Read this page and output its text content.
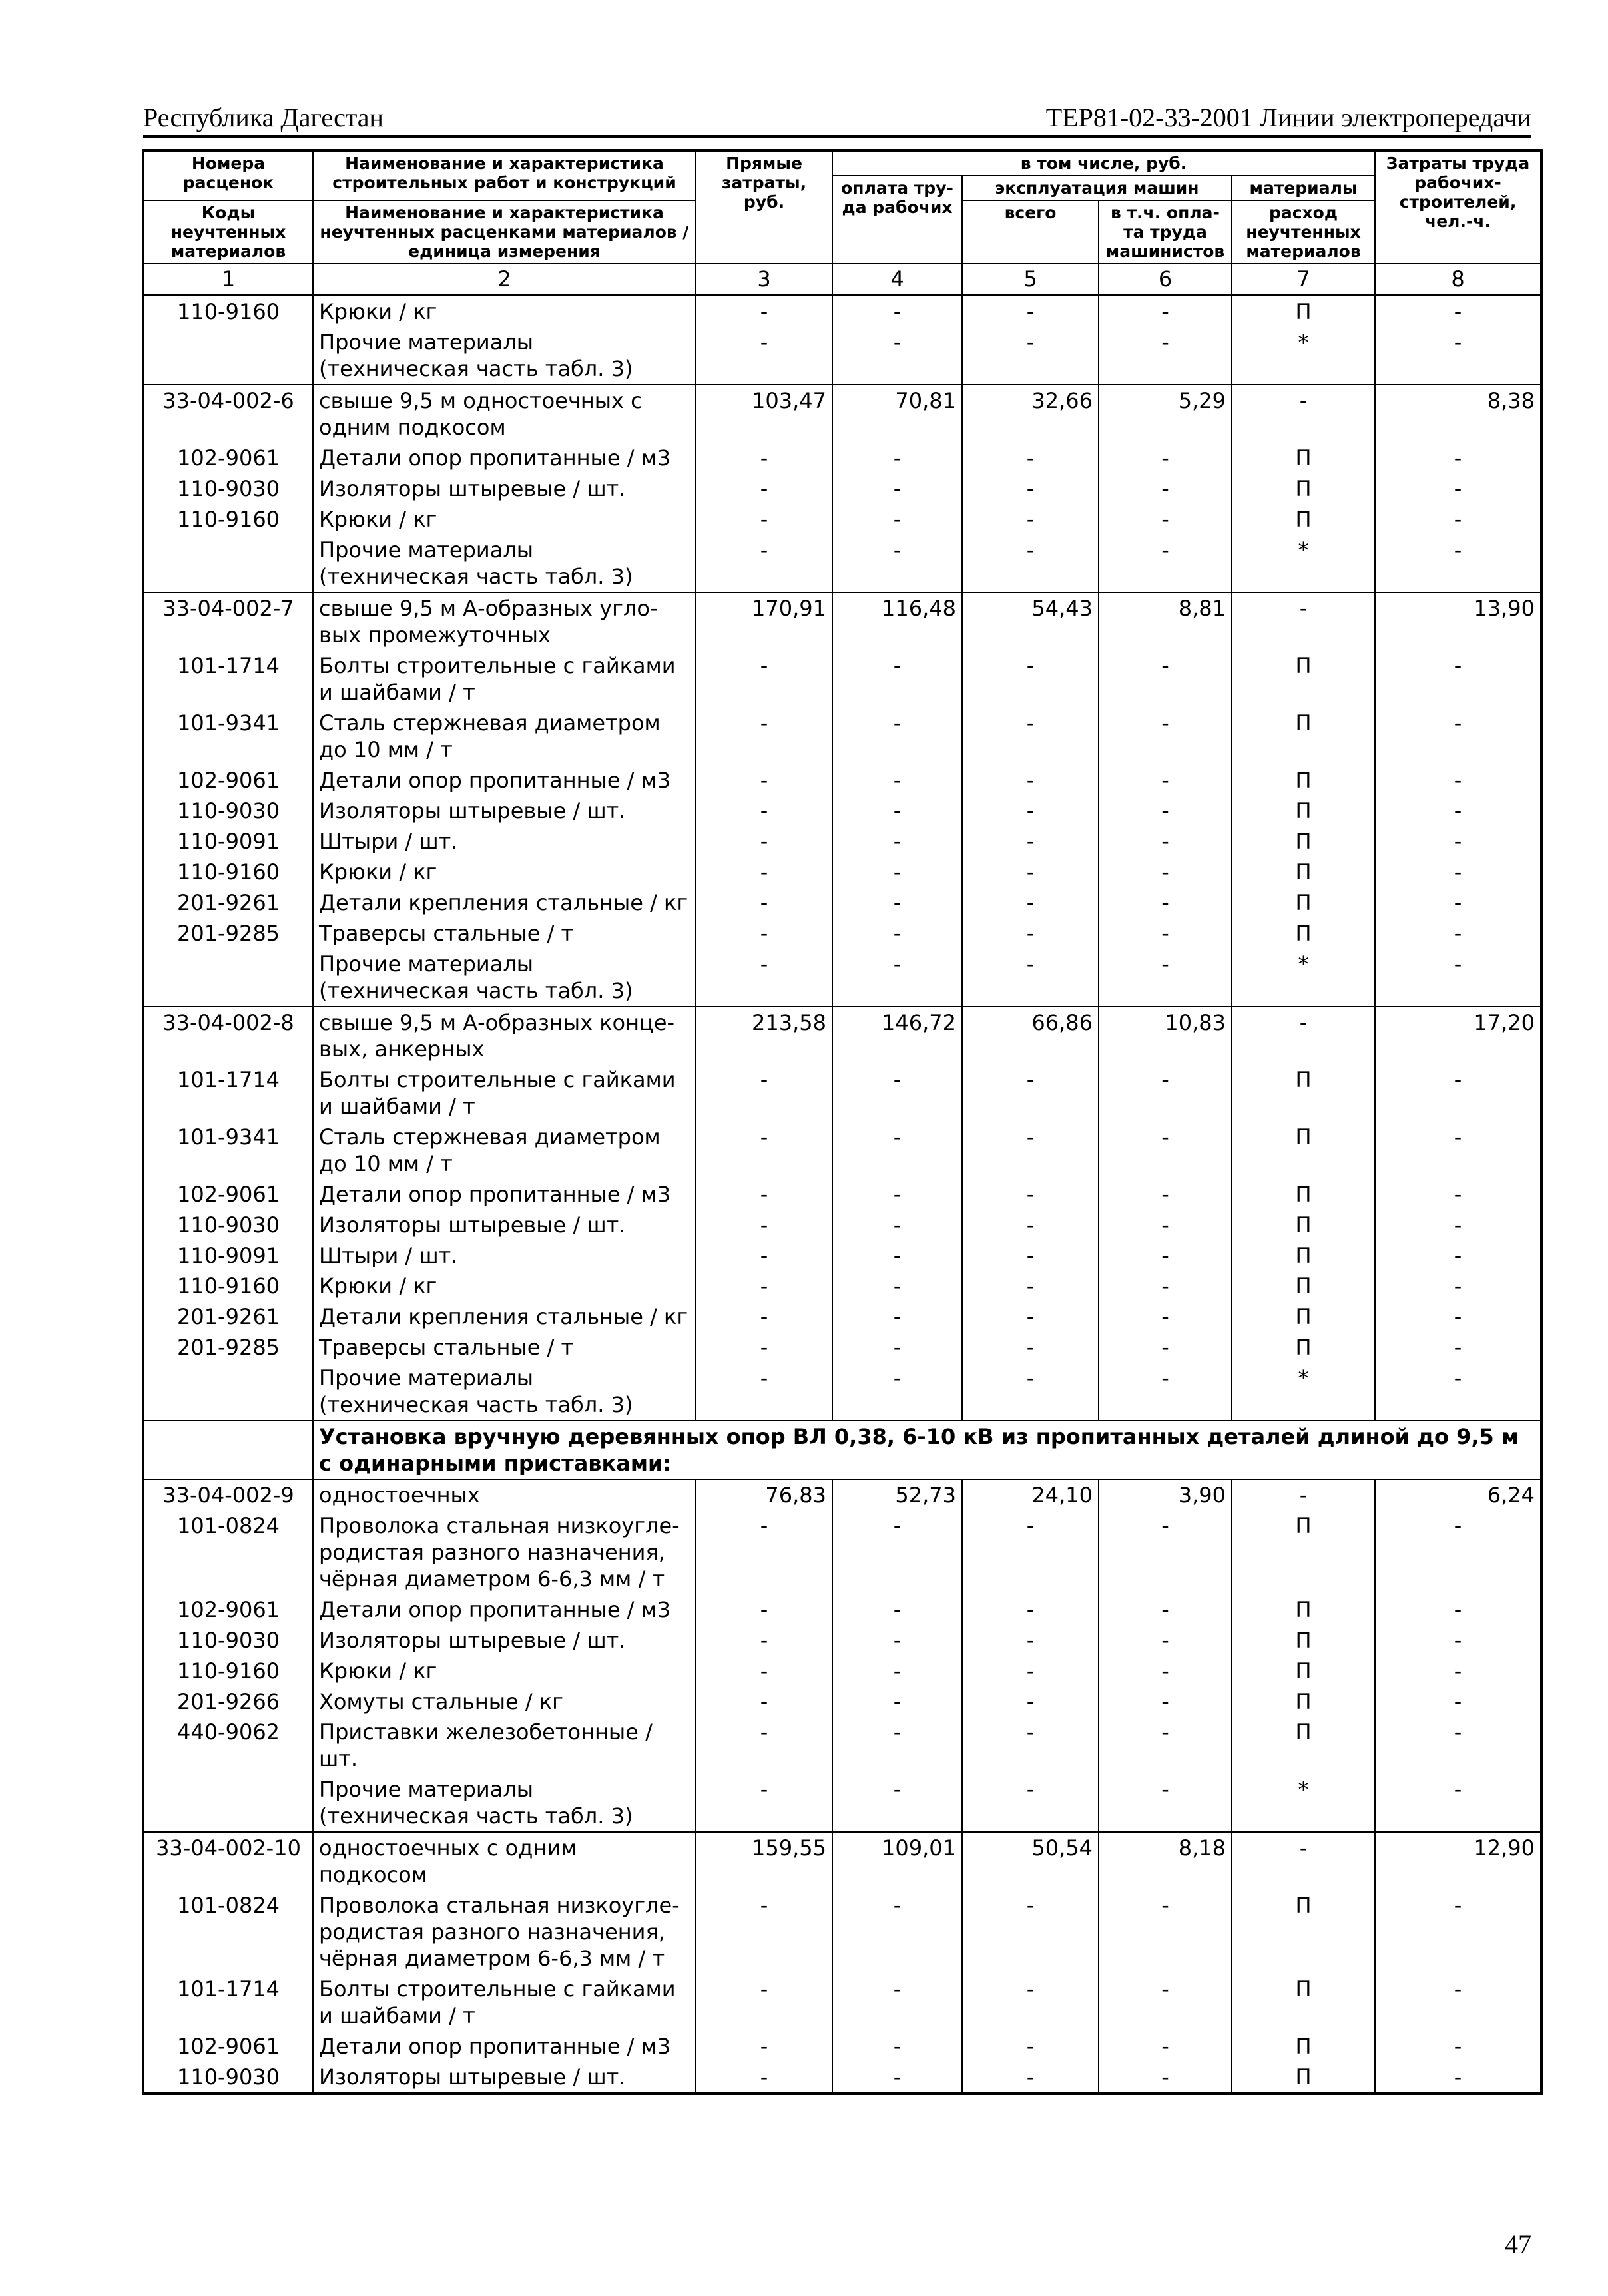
Республика Дагестан	ТЕР81-02-33-2001 Линии электропередачи
Номера расценок	Наименование и характеристика строительных работ и конструкций	Прямые затраты, руб.	в том числе, руб.				Затраты труда рабочих-строителей, чел.-ч.
			оплата тру-да рабочих	эксплуатация машин		материалы	
Коды неучтенных материалов	Наименование и характеристика неучтенных расценками материалов / единица измерения			всего	в т.ч. опла-та труда машинистов	расход неучтенных материалов	

1	2	3	4	5	6	7	8
110-9160	Крюки / кг	-	-	-	-	П	-
	Прочие материалы (техническая часть табл. 3)	-	-	-	-	*	-
33-04-002-6	свыше 9,5 м одностоечных с одним подкосом	103,47	70,81	32,66	5,29	-	8,38
102-9061	Детали опор пропитанные / м3	-	-	-	-	П	-
110-9030	Изоляторы штыревые / шт.	-	-	-	-	П	-
110-9160	Крюки / кг	-	-	-	-	П	-
	Прочие материалы (техническая часть табл. 3)	-	-	-	-	*	-
33-04-002-7	свыше 9,5 м А-образных угло-вых промежуточных	170,91	116,48	54,43	8,81	-	13,90
101-1714	Болты строительные с гайками и шайбами / т	-	-	-	-	П	-
101-9341	Сталь стержневая диаметром до 10 мм / т	-	-	-	-	П	-
102-9061	Детали опор пропитанные / м3	-	-	-	-	П	-
110-9030	Изоляторы штыревые / шт.	-	-	-	-	П	-
110-9091	Штыри / шт.	-	-	-	-	П	-
110-9160	Крюки / кг	-	-	-	-	П	-
201-9261	Детали крепления стальные / кг	-	-	-	-	П	-
201-9285	Траверсы стальные / т	-	-	-	-	П	-
	Прочие материалы (техническая часть табл. 3)	-	-	-	-	*	-
33-04-002-8	свыше 9,5 м А-образных конце-вых, анкерных	213,58	146,72	66,86	10,83	-	17,20
101-1714	Болты строительные с гайками и шайбами / т	-	-	-	-	П	-
101-9341	Сталь стержневая диаметром до 10 мм / т	-	-	-	-	П	-
102-9061	Детали опор пропитанные / м3	-	-	-	-	П	-
110-9030	Изоляторы штыревые / шт.	-	-	-	-	П	-
110-9091	Штыри / шт.	-	-	-	-	П	-
110-9160	Крюки / кг	-	-	-	-	П	-
201-9261	Детали крепления стальные / кг	-	-	-	-	П	-
201-9285	Траверсы стальные / т	-	-	-	-	П	-
	Прочие материалы (техническая часть табл. 3)	-	-	-	-	*	-
	Установка вручную деревянных опор ВЛ 0,38, 6-10 кВ из пропитанных деталей длиной до 9,5 м с одинарными приставками:						
33-04-002-9	одностоечных	76,83	52,73	24,10	3,90	-	6,24
101-0824	Проволока стальная низкоугле-родистая разного назначения, чёрная диаметром 6-6,3 мм / т	-	-	-	-	П	-
102-9061	Детали опор пропитанные / м3	-	-	-	-	П	-
110-9030	Изоляторы штыревые / шт.	-	-	-	-	П	-
110-9160	Крюки / кг	-	-	-	-	П	-
201-9266	Хомуты стальные / кг	-	-	-	-	П	-
440-9062	Приставки железобетонные /шт.	-	-	-	-	П	-
	Прочие материалы (техническая часть табл. 3)	-	-	-	-	*	-
33-04-002-10	одностоечных с одним подкосом	159,55	109,01	50,54	8,18	-	12,90
101-0824	Проволока стальная низкоугле-родистая разного назначения, чёрная диаметром 6-6,3 мм / т	-	-	-	-	П	-
101-1714	Болты строительные с гайками и шайбами / т	-	-	-	-	П	-
102-9061	Детали опор пропитанные / м3	-	-	-	-	П	-
110-9030	Изоляторы штыревые / шт.	-	-	-	-	П	-
47
